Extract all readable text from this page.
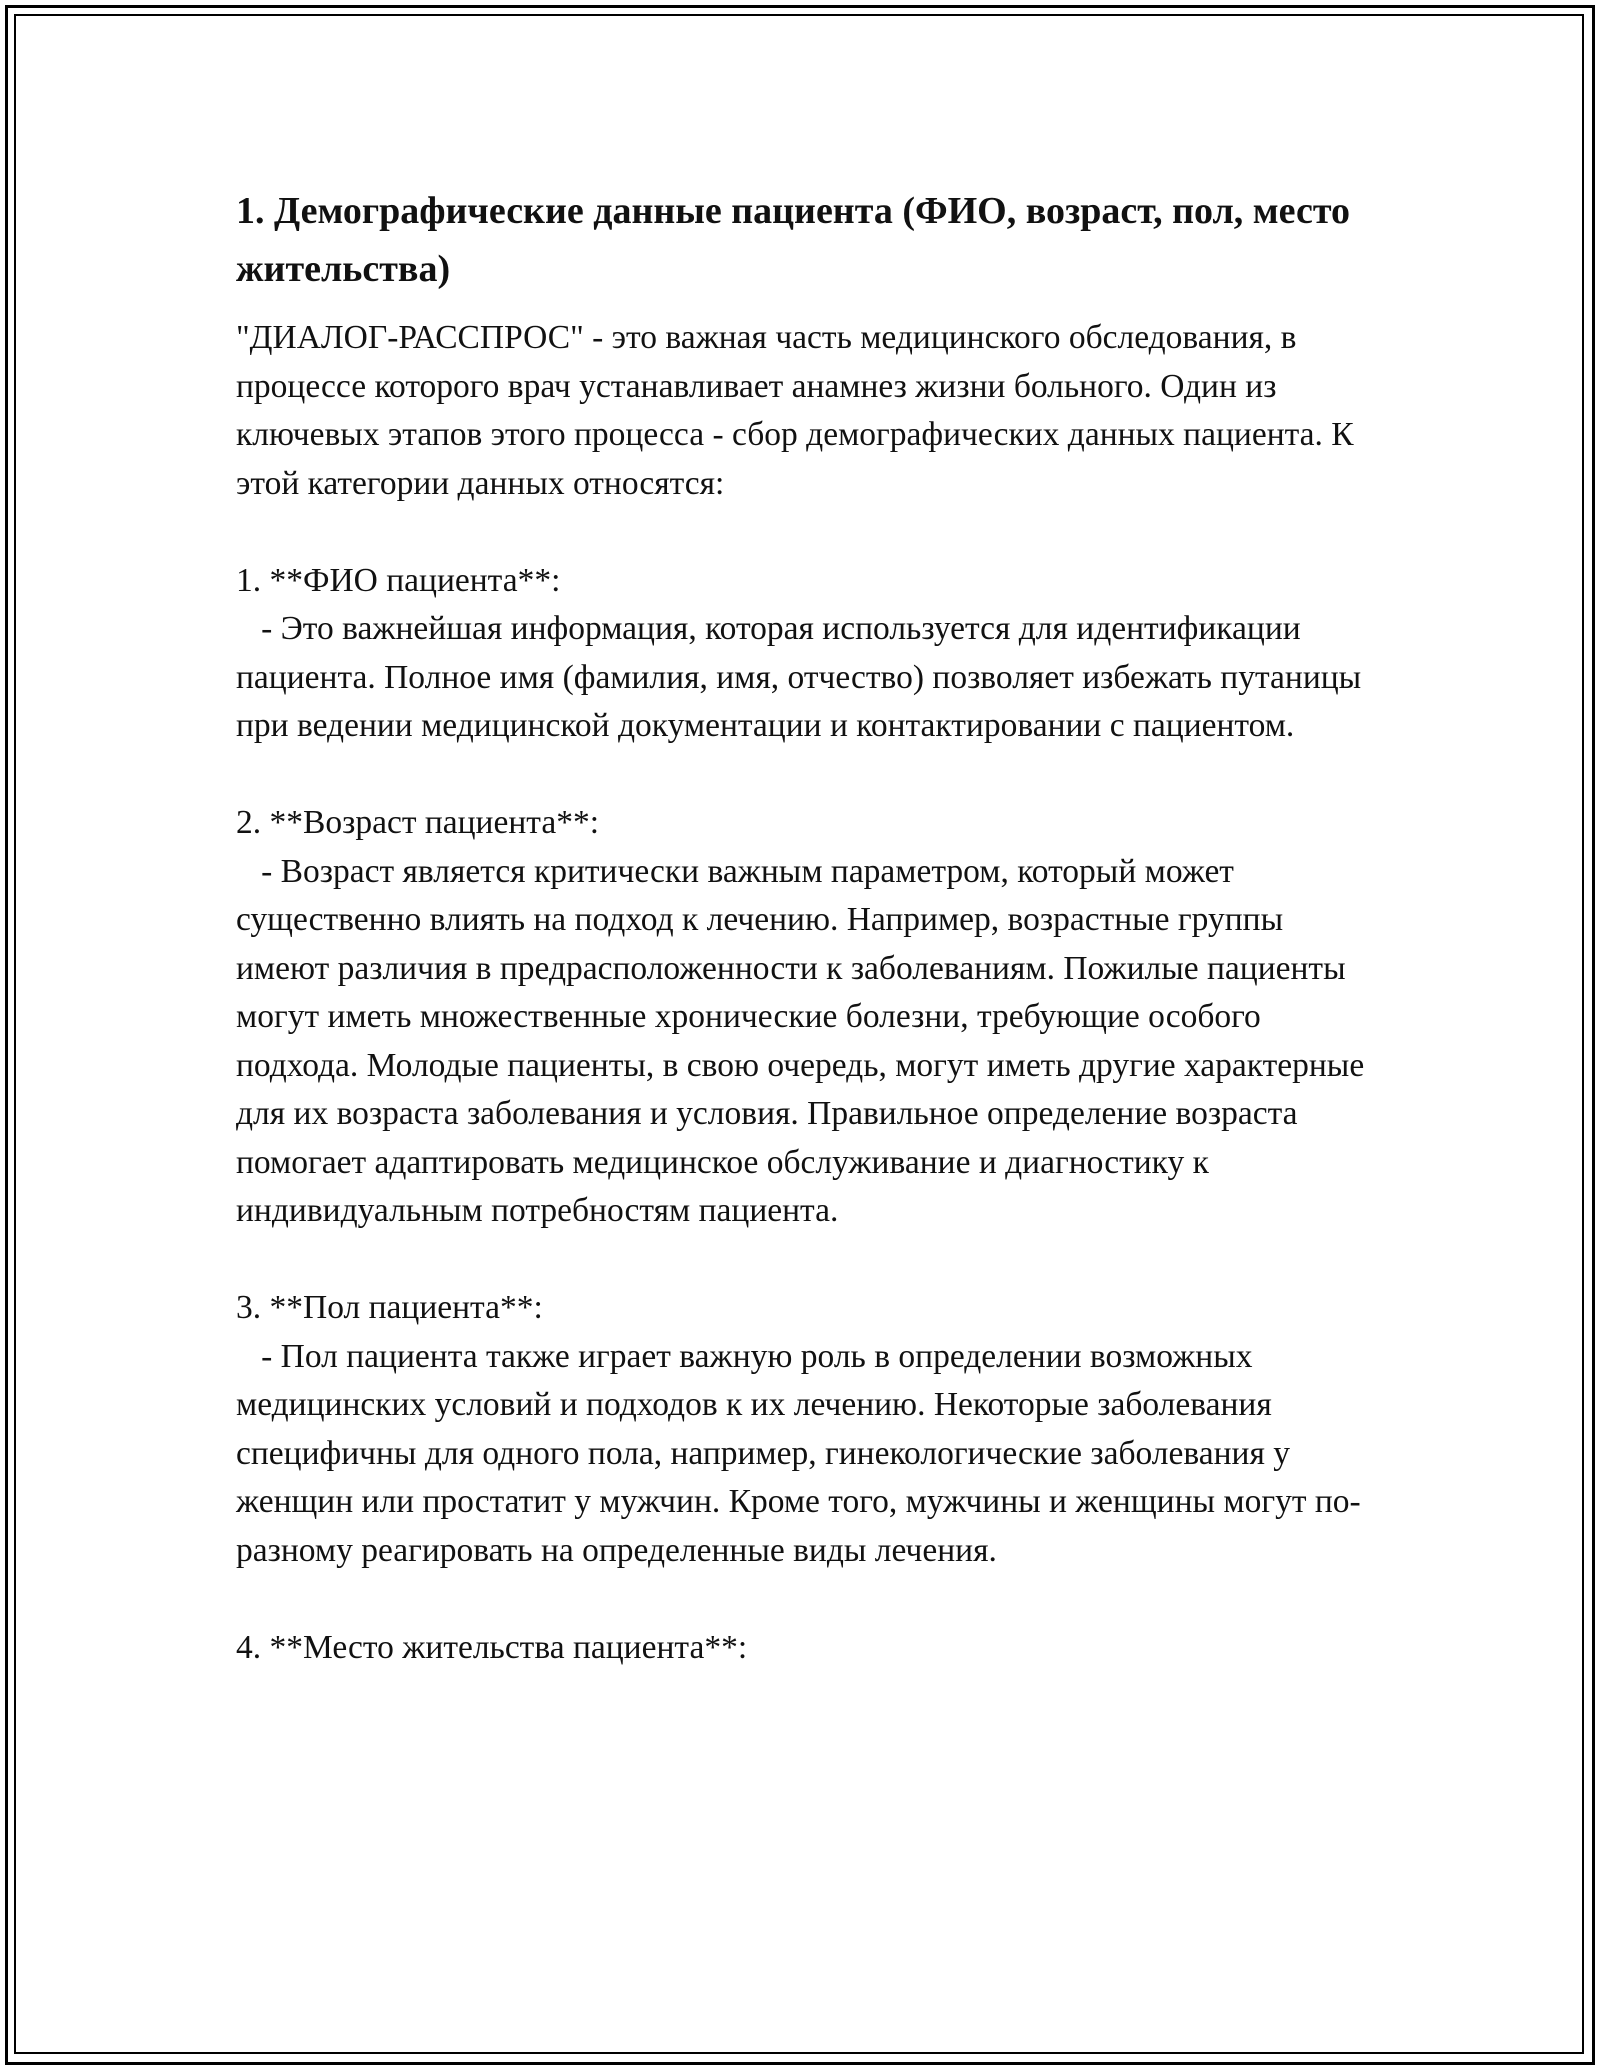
1. Демографические данные пациента (ФИО, возраст, пол, место жительства)

"ДИАЛОГ-РАССПРОС" - это важная часть медицинского обследования, в процессе которого врач устанавливает анамнез жизни больного. Один из ключевых этапов этого процесса - сбор демографических данных пациента. К этой категории данных относятся:

1. **ФИО пациента**:
- Это важнейшая информация, которая используется для идентификации пациента. Полное имя (фамилия, имя, отчество) позволяет избежать путаницы при ведении медицинской документации и контактировании с пациентом.

2. **Возраст пациента**:
- Возраст является критически важным параметром, который может существенно влиять на подход к лечению. Например, возрастные группы имеют различия в предрасположенности к заболеваниям. Пожилые пациенты могут иметь множественные хронические болезни, требующие особого подхода. Молодые пациенты, в свою очередь, могут иметь другие характерные для их возраста заболевания и условия. Правильное определение возраста помогает адаптировать медицинское обслуживание и диагностику к индивидуальным потребностям пациента.

3. **Пол пациента**:
- Пол пациента также играет важную роль в определении возможных медицинских условий и подходов к их лечению. Некоторые заболевания специфичны для одного пола, например, гинекологические заболевания у женщин или простатит у мужчин. Кроме того, мужчины и женщины могут по-разному реагировать на определенные виды лечения.

4. **Место жительства пациента**:
